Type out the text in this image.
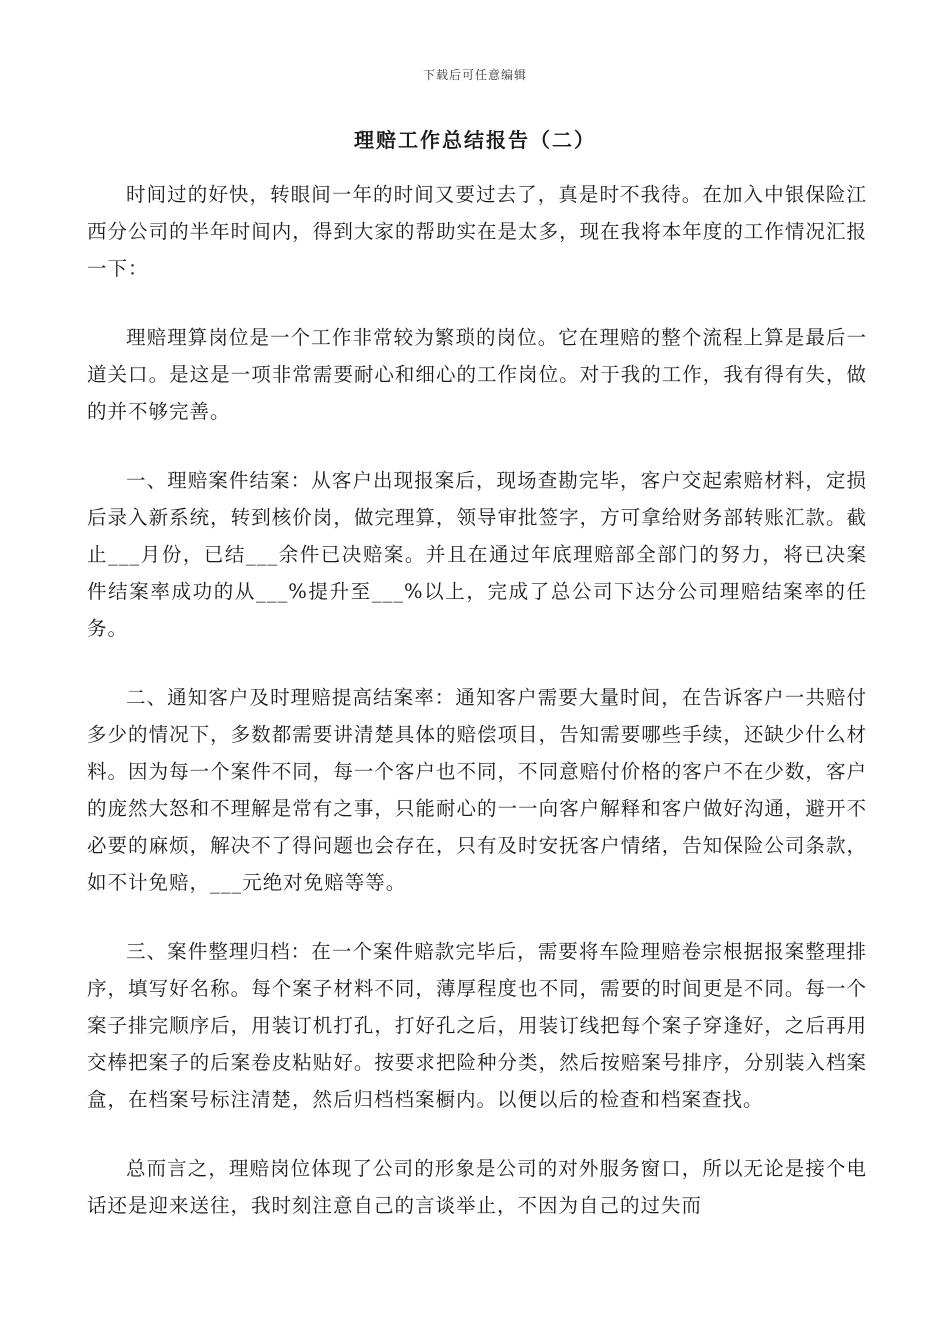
下载后可任意编辑
理赔工作总结报告（二）

时间过的好快，转眼间一年的时间又要过去了，真是时不我待。在加入中银保险江西分公司的半年时间内，得到大家的帮助实在是太多，现在我将本年度的工作情况汇报一下：

理赔理算岗位是一个工作非常较为繁琐的岗位。它在理赔的整个流程上算是最后一道关口。是这是一项非常需要耐心和细心的工作岗位。对于我的工作，我有得有失，做的并不够完善。

一、理赔案件结案：从客户出现报案后，现场查勘完毕，客户交起索赔材料，定损后录入新系统，转到核价岗，做完理算，领导审批签字，方可拿给财务部转账汇款。截止___月份，已结___余件已决赔案。并且在通过年底理赔部全部门的努力，将已决案件结案率成功的从___%提升至___%以上，完成了总公司下达分公司理赔结案率的任务。

二、通知客户及时理赔提高结案率：通知客户需要大量时间，在告诉客户一共赔付多少的情况下，多数都需要讲清楚具体的赔偿项目，告知需要哪些手续，还缺少什么材料。因为每一个案件不同，每一个客户也不同，不同意赔付价格的客户不在少数，客户的庞然大怒和不理解是常有之事，只能耐心的一一向客户解释和客户做好沟通，避开不必要的麻烦，解决不了得问题也会存在，只有及时安抚客户情绪，告知保险公司条款，如不计免赔，___元绝对免赔等等。

三、案件整理归档：在一个案件赔款完毕后，需要将车险理赔卷宗根据报案整理排序，填写好名称。每个案子材料不同，薄厚程度也不同，需要的时间更是不同。每一个案子排完顺序后，用装订机打孔，打好孔之后，用装订线把每个案子穿逢好，之后再用交棒把案子的后案卷皮粘贴好。按要求把险种分类，然后按赔案号排序，分别装入档案盒，在档案号标注清楚，然后归档档案橱内。以便以后的检查和档案查找。

总而言之，理赔岗位体现了公司的形象是公司的对外服务窗口，所以无论是接个电话还是迎来送往，我时刻注意自己的言谈举止，不因为自己的过失而
